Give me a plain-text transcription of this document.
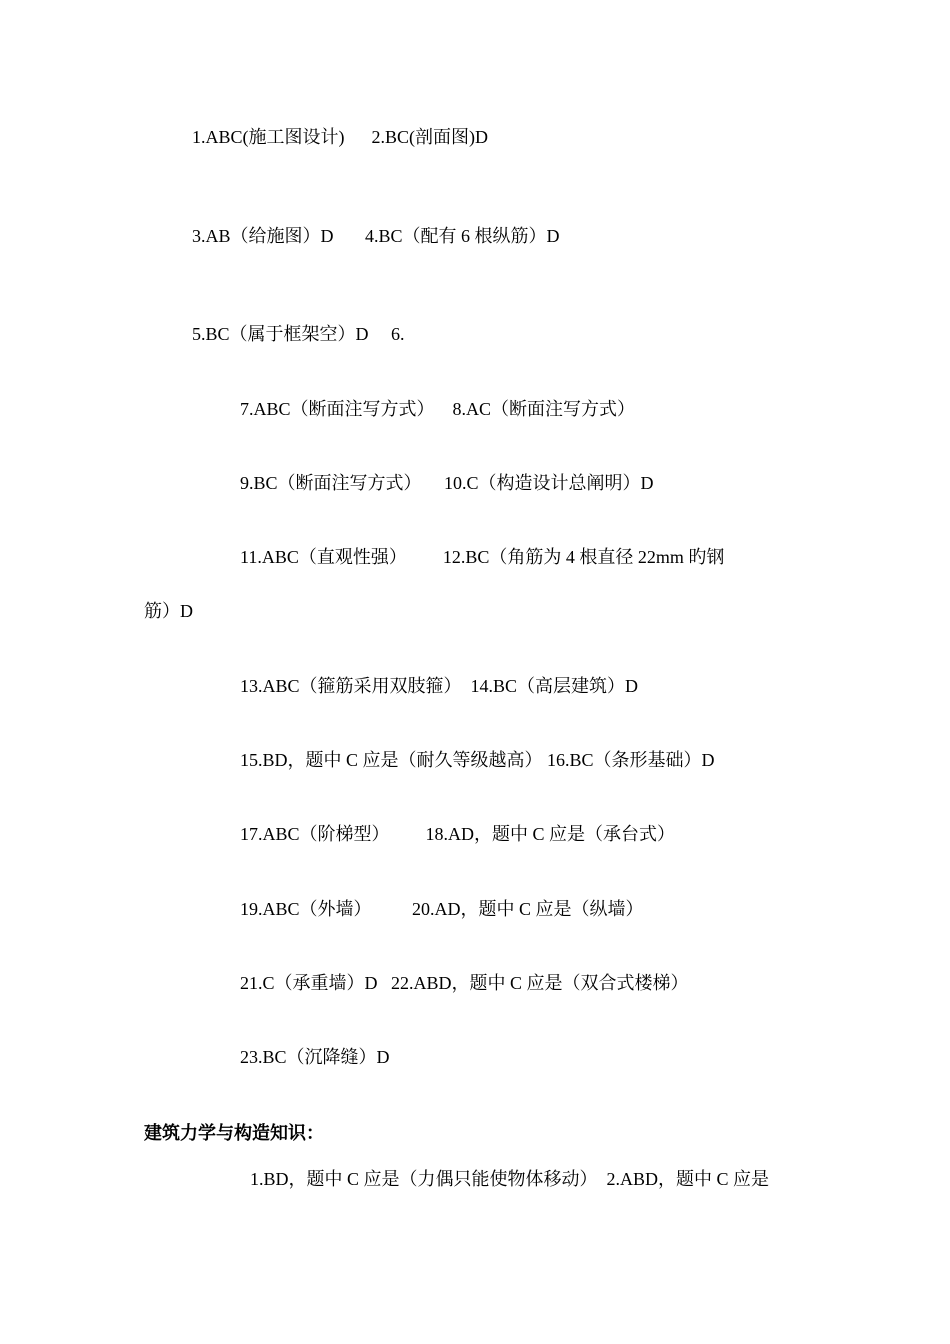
1.ABC(施工图设计)      2.BC(剖面图)D
3.AB（给施图）D       4.BC（配有 6 根纵筋）D
5.BC（属于框架空）D     6.
7.ABC（断面注写方式）    8.AC（断面注写方式）
9.BC（断面注写方式）     10.C（构造设计总阐明）D
11.ABC（直观性强）        12.BC（角筋为 4 根直径 22mm 旳钢
筋）D
13.ABC（箍筋采用双肢箍）  14.BC（高层建筑）D
15.BD，题中 C 应是（耐久等级越高） 16.BC（条形基础）D
17.ABC（阶梯型）        18.AD，题中 C 应是（承台式）
19.ABC（外墙）         20.AD，题中 C 应是（纵墙）
21.C（承重墙）D   22.ABD，题中 C 应是（双合式楼梯）
23.BC（沉降缝）D
建筑力学与构造知识：
1.BD，题中 C 应是（力偶只能使物体移动）  2.ABD，题中 C 应是
